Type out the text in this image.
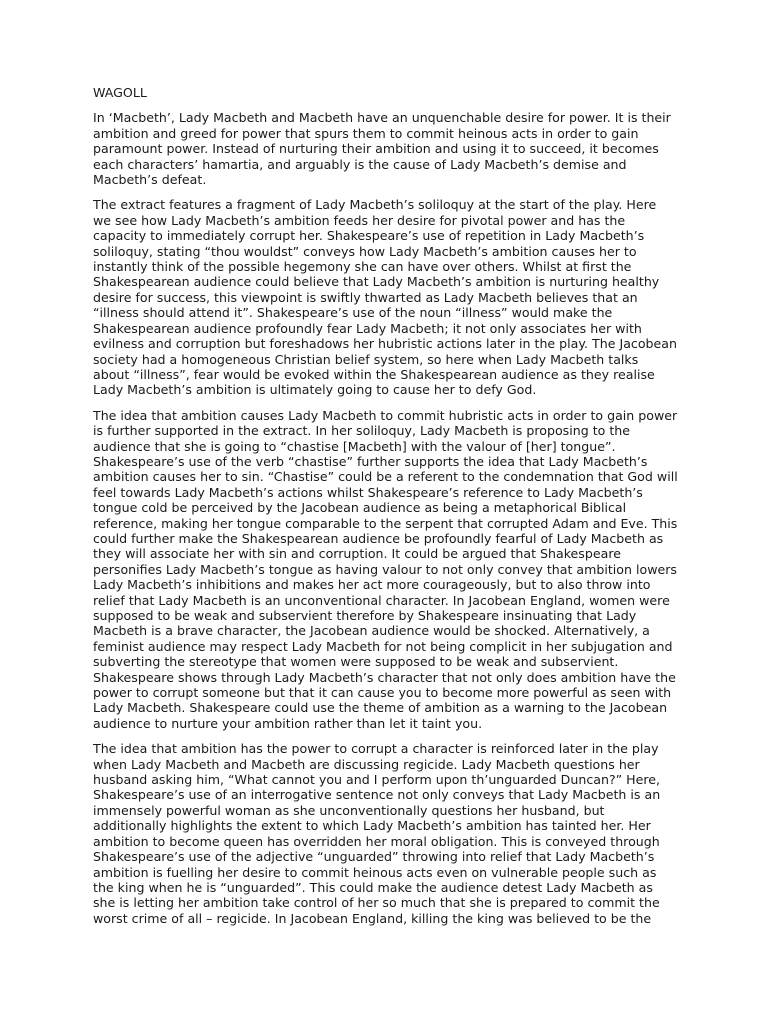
WAGOLL

In ‘Macbeth’, Lady Macbeth and Macbeth have an unquenchable desire for power. It is their ambition and greed for power that spurs them to commit heinous acts in order to gain paramount power. Instead of nurturing their ambition and using it to succeed, it becomes each characters’ hamartia, and arguably is the cause of Lady Macbeth’s demise and Macbeth’s defeat.

The extract features a fragment of Lady Macbeth’s soliloquy at the start of the play. Here we see how Lady Macbeth’s ambition feeds her desire for pivotal power and has the capacity to immediately corrupt her. Shakespeare’s use of repetition in Lady Macbeth’s soliloquy, stating “thou wouldst” conveys how Lady Macbeth’s ambition causes her to instantly think of the possible hegemony she can have over others. Whilst at first the Shakespearean audience could believe that Lady Macbeth’s ambition is nurturing healthy desire for success, this viewpoint is swiftly thwarted as Lady Macbeth believes that an “illness should attend it”. Shakespeare’s use of the noun “illness” would make the Shakespearean audience profoundly fear Lady Macbeth; it not only associates her with evilness and corruption but foreshadows her hubristic actions later in the play. The Jacobean society had a homogeneous Christian belief system, so here when Lady Macbeth talks about “illness”, fear would be evoked within the Shakespearean audience as they realise Lady Macbeth’s ambition is ultimately going to cause her to defy God.

The idea that ambition causes Lady Macbeth to commit hubristic acts in order to gain power is further supported in the extract. In her soliloquy, Lady Macbeth is proposing to the audience that she is going to “chastise [Macbeth] with the valour of [her] tongue”. Shakespeare’s use of the verb “chastise” further supports the idea that Lady Macbeth’s ambition causes her to sin. “Chastise” could be a referent to the condemnation that God will feel towards Lady Macbeth’s actions whilst Shakespeare’s reference to Lady Macbeth’s tongue cold be perceived by the Jacobean audience as being a metaphorical Biblical reference, making her tongue comparable to the serpent that corrupted Adam and Eve. This could further make the Shakespearean audience be profoundly fearful of Lady Macbeth as they will associate her with sin and corruption. It could be argued that Shakespeare personifies Lady Macbeth’s tongue as having valour to not only convey that ambition lowers Lady Macbeth’s inhibitions and makes her act more courageously, but to also throw into relief that Lady Macbeth is an unconventional character. In Jacobean England, women were supposed to be weak and subservient therefore by Shakespeare insinuating that Lady Macbeth is a brave character, the Jacobean audience would be shocked. Alternatively, a feminist audience may respect Lady Macbeth for not being complicit in her subjugation and subverting the stereotype that women were supposed to be weak and subservient. Shakespeare shows through Lady Macbeth’s character that not only does ambition have the power to corrupt someone but that it can cause you to become more powerful as seen with Lady Macbeth. Shakespeare could use the theme of ambition as a warning to the Jacobean audience to nurture your ambition rather than let it taint you.

The idea that ambition has the power to corrupt a character is reinforced later in the play when Lady Macbeth and Macbeth are discussing regicide. Lady Macbeth questions her husband asking him, “What cannot you and I perform upon th’unguarded Duncan?” Here, Shakespeare’s use of an interrogative sentence not only conveys that Lady Macbeth is an immensely powerful woman as she unconventionally questions her husband, but additionally highlights the extent to which Lady Macbeth’s ambition has tainted her. Her ambition to become queen has overridden her moral obligation. This is conveyed through Shakespeare’s use of the adjective “unguarded” throwing into relief that Lady Macbeth’s ambition is fuelling her desire to commit heinous acts even on vulnerable people such as the king when he is “unguarded”. This could make the audience detest Lady Macbeth as she is letting her ambition take control of her so much that she is prepared to commit the worst crime of all – regicide. In Jacobean England, killing the king was believed to be the
